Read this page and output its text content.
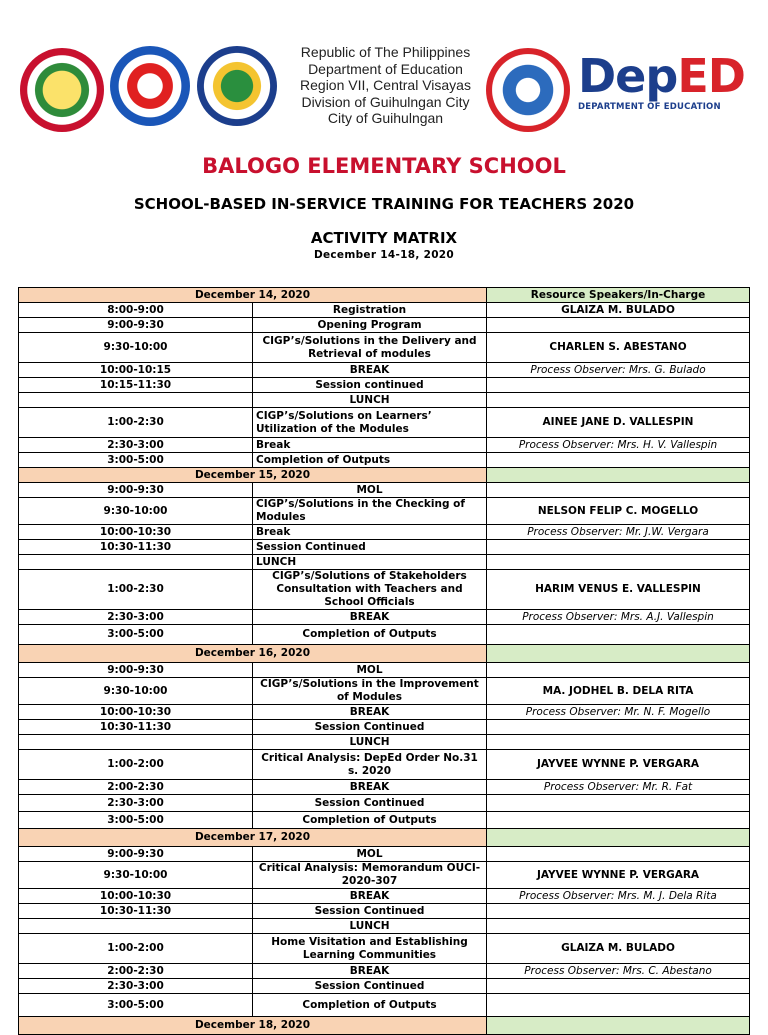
Republic of The Philippines
Department of Education
Region VII, Central Visayas
Division of Guihulngan City
City of Guihulngan
DepED
DEPARTMENT OF EDUCATION
BALOGO ELEMENTARY SCHOOL
SCHOOL-BASED IN-SERVICE TRAINING FOR TEACHERS 2020
ACTIVITY MATRIX
December 14-18, 2020
December 14, 2020		Resource Speakers/In-Charge
8:00-9:00	Registration	GLAIZA M. BULADO
9:00-9:30	Opening Program	
9:30-10:00	CIGP’s/Solutions in the Delivery and Retrieval of modules	CHARLEN S. ABESTANO
10:00-10:15	BREAK	Process Observer: Mrs. G. Bulado
10:15-11:30	Session continued	
	LUNCH	
1:00-2:30	CIGP’s/Solutions on Learners’ Utilization of the Modules	AINEE JANE D. VALLESPIN
2:30-3:00	Break	Process Observer: Mrs. H. V. Vallespin
3:00-5:00	Completion of Outputs	
December 15, 2020		
9:00-9:30	MOL	
9:30-10:00	CIGP’s/Solutions in the Checking of Modules	NELSON FELIP C. MOGELLO
10:00-10:30	Break	Process Observer: Mr. J.W. Vergara
10:30-11:30	Session Continued	
	LUNCH	
1:00-2:30	CIGP’s/Solutions of Stakeholders Consultation with Teachers and School Officials	HARIM VENUS E. VALLESPIN
2:30-3:00	BREAK	Process Observer: Mrs. A.J. Vallespin
3:00-5:00	Completion of Outputs	
December 16, 2020		
9:00-9:30	MOL	
9:30-10:00	CIGP’s/Solutions in the Improvement of Modules	MA. JODHEL B. DELA RITA
10:00-10:30	BREAK	Process Observer: Mr. N. F. Mogello
10:30-11:30	Session Continued	
	LUNCH	
1:00-2:00	Critical Analysis: DepEd Order No.31 s. 2020	JAYVEE WYNNE P. VERGARA
2:00-2:30	BREAK	Process Observer: Mr. R. Fat
2:30-3:00	Session Continued	
3:00-5:00	Completion of Outputs	
December 17, 2020		
9:00-9:30	MOL	
9:30-10:00	Critical Analysis: Memorandum OUCI-2020-307	JAYVEE WYNNE P. VERGARA
10:00-10:30	BREAK	Process Observer: Mrs. M. J. Dela Rita
10:30-11:30	Session Continued	
	LUNCH	
1:00-2:00	Home Visitation and Establishing Learning Communities	GLAIZA M. BULADO
2:00-2:30	BREAK	Process Observer: Mrs. C. Abestano
2:30-3:00	Session Continued	
3:00-5:00	Completion of Outputs	
December 18, 2020		
